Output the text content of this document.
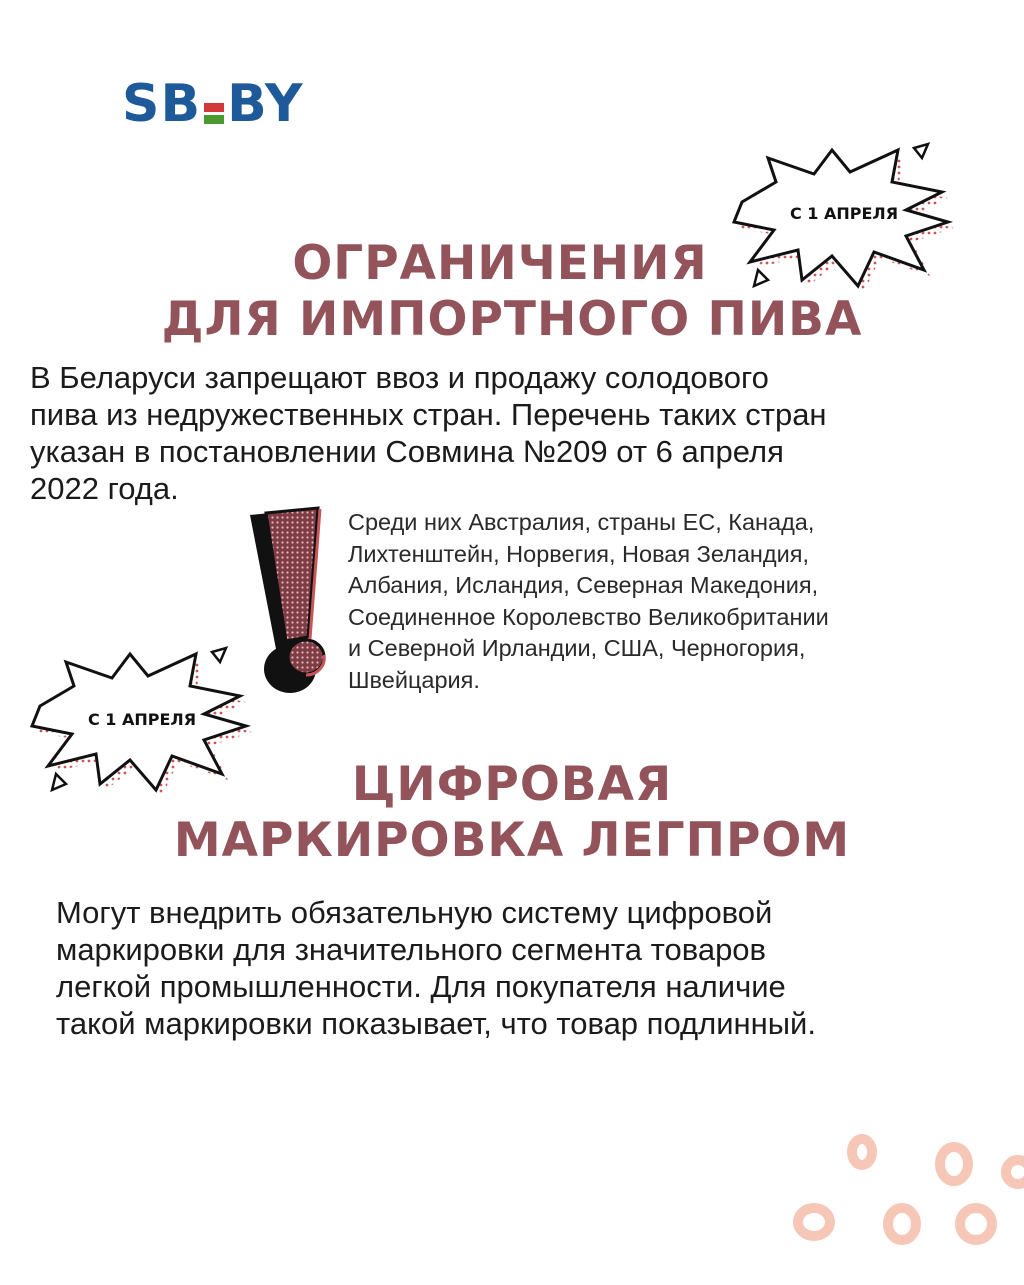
SB BY
С 1 АПРЕЛЯ
ОГРАНИЧЕНИЯ
ДЛЯ ИМПОРТНОГО ПИВА
В Беларуси запрещают ввоз и продажу солодового
пива из недружественных стран. Перечень таких стран
указан в постановлении Совмина №209 от 6 апреля
2022 года.
Среди них Австралия, страны ЕС, Канада,
Лихтенштейн, Норвегия, Новая Зеландия,
Албания, Исландия, Северная Македония,
Соединенное Королевство Великобритании
и Северной Ирландии, США, Черногория,
Швейцария.
С 1 АПРЕЛЯ
ЦИФРОВАЯ
МАРКИРОВКА ЛЕГПРОМ
Могут внедрить обязательную систему цифровой
маркировки для значительного сегмента товаров
легкой промышленности. Для покупателя наличие
такой маркировки показывает, что товар подлинный.
